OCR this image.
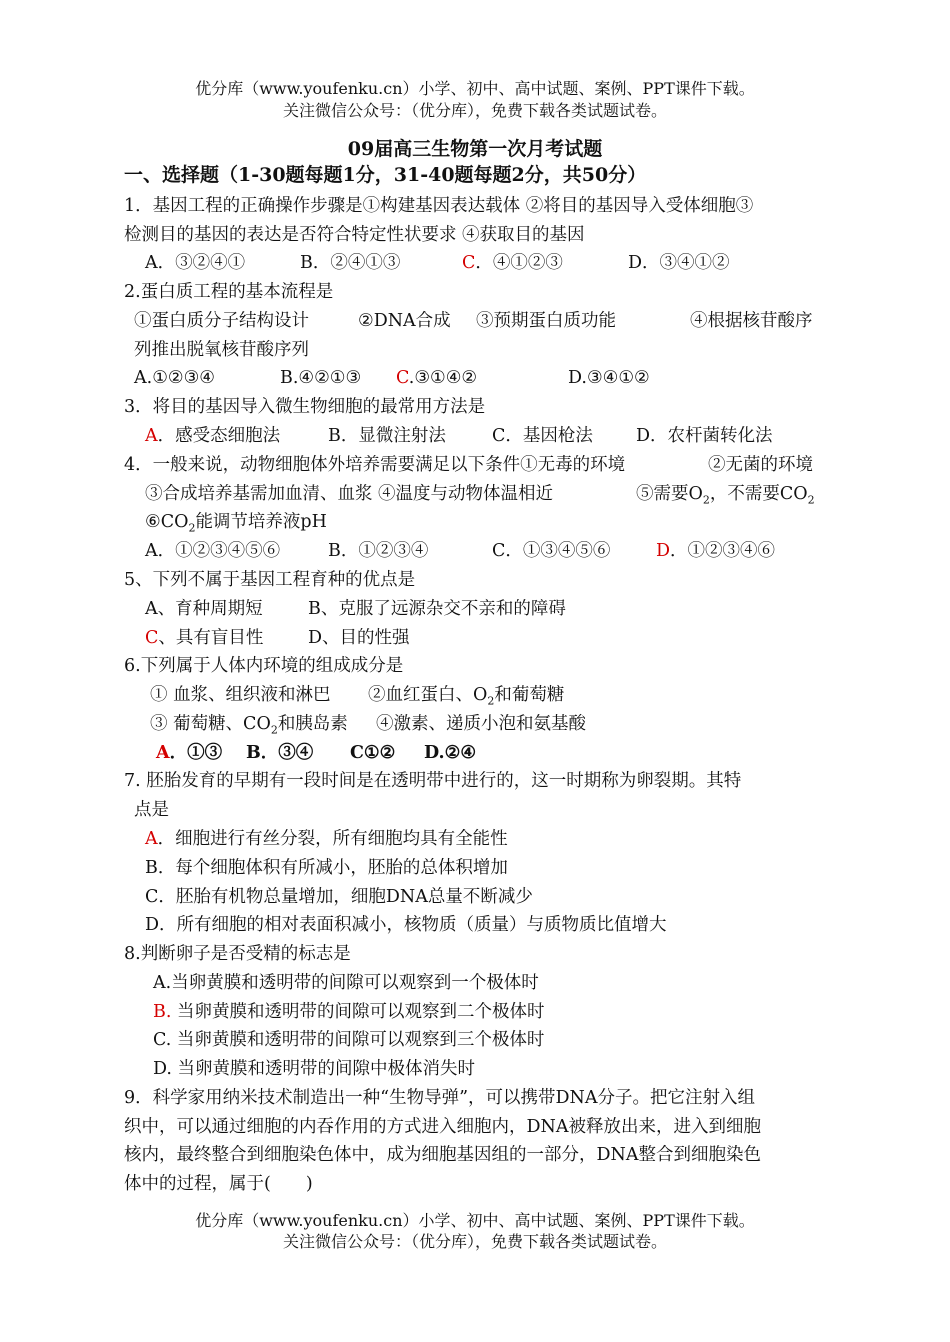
优分库（www.youfenku.cn）小学、初中、高中试题、案例、PPT课件下载。
关注微信公众号：（优分库），免费下载各类试题试卷。
09届高三生物第一次月考试题
一、选择题（1-30题每题1分，31-40题每题2分，共50分）
1．基因工程的正确操作步骤是①构建基因表达载体 ②将目的基因导入受体细胞③
检测目的基因的表达是否符合特定性状要求 ④获取目的基因
A．③②④①	B．②④①③	C．④①②③	D．③④①②
2.蛋白质工程的基本流程是
①蛋白质分子结构设计	②DNA合成 ③预期蛋白质功能	④根据核苷酸序
列推出脱氧核苷酸序列
A.①②③④	B.④②①③ C.③①④②	D.③④①②
3．将目的基因导入微生物细胞的最常用方法是
A．感受态细胞法	B．显微注射法	C．基因枪法 D．农杆菌转化法
4．一般来说，动物细胞体外培养需要满足以下条件①无毒的环境	②无菌的环境
③合成培养基需加血清、血浆 ④温度与动物体温相近	⑤需要$O_2$，不需要$CO_2$
$⑥CO_2$能调节培养液pH
A．①②③④⑤⑥	B．①②③④	C．①③④⑤⑥	D．①②③④⑥
5、下列不属于基因工程育种的优点是
A、育种周期短	B、克服了远源杂交不亲和的障碍
C、具有盲目性	D、目的性强
6.下列属于人体内环境的组成成分是
① 血浆、组织液和淋巴 ②血红蛋白、$O_2$和葡萄糖
③ 葡萄糖、$CO_2$和胰岛素 ④激素、递质小泡和氨基酸
A．①③ B．③④ C①② D.②④
7. 胚胎发育的早期有一段时间是在透明带中进行的，这一时期称为卵裂期。其特
点是
A．细胞进行有丝分裂，所有细胞均具有全能性
B．每个细胞体积有所减小，胚胎的总体积增加
C．胚胎有机物总量增加，细胞DNA总量不断减少
D．所有细胞的相对表面积减小，核物质（质量）与质物质比值增大
8.判断卵子是否受精的标志是
A.当卵黄膜和透明带的间隙可以观察到一个极体时
B. 当卵黄膜和透明带的间隙可以观察到二个极体时
C. 当卵黄膜和透明带的间隙可以观察到三个极体时
D. 当卵黄膜和透明带的间隙中极体消失时
9．科学家用纳米技术制造出一种“生物导弹”，可以携带DNA分子。把它注射入组
织中，可以通过细胞的内吞作用的方式进入细胞内，DNA被释放出来，进入到细胞
核内，最终整合到细胞染色体中，成为细胞基因组的一部分，DNA整合到细胞染色
体中的过程，属于(　　)
优分库（www.youfenku.cn）小学、初中、高中试题、案例、PPT课件下载。
关注微信公众号：（优分库），免费下载各类试题试卷。
